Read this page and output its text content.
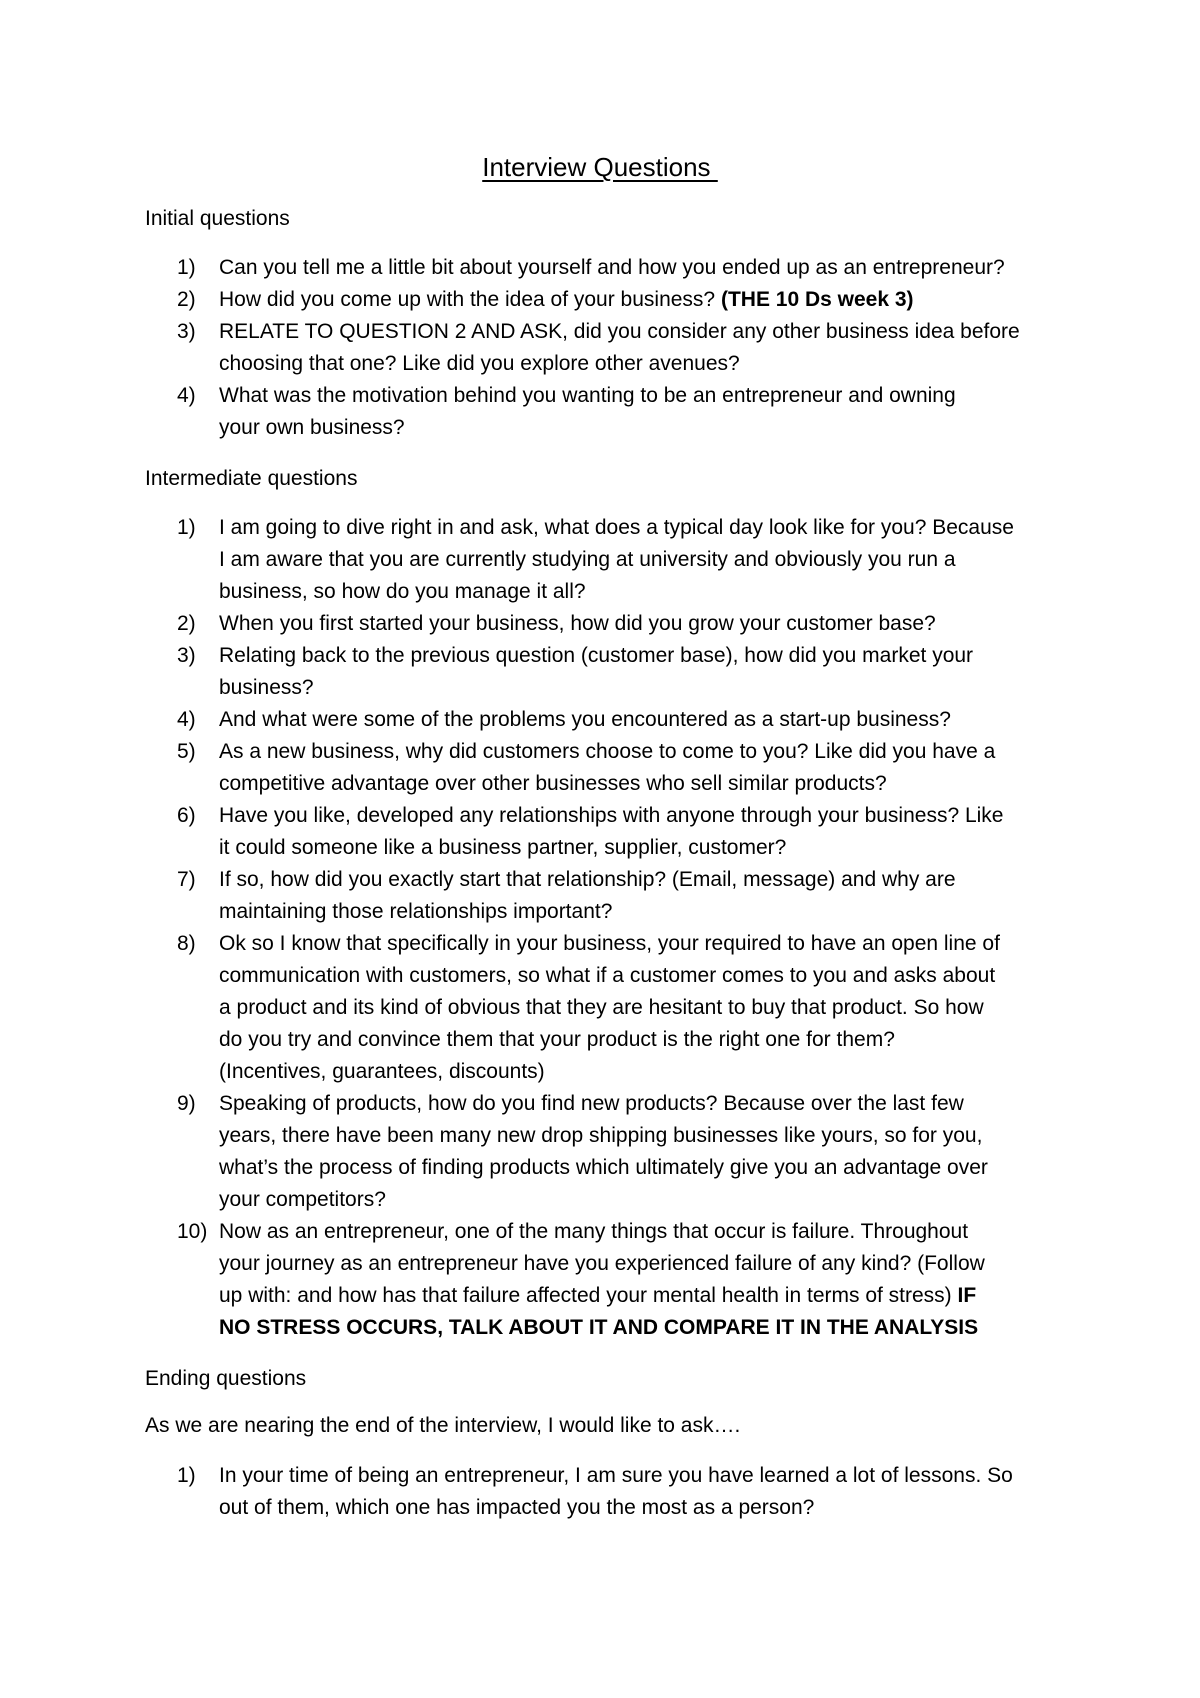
Interview Questions
Initial questions
1)	Can you tell me a little bit about yourself and how you ended up as an entrepreneur?
2)	How did you come up with the idea of your business? (THE 10 Ds week 3)
3)	RELATE TO QUESTION 2 AND ASK, did you consider any other business idea before
choosing that one? Like did you explore other avenues?
4)	What was the motivation behind you wanting to be an entrepreneur and owning
your own business?
Intermediate questions
1)	I am going to dive right in and ask, what does a typical day look like for you? Because
I am aware that you are currently studying at university and obviously you run a
business, so how do you manage it all?
2)	When you first started your business, how did you grow your customer base?
3)	Relating back to the previous question (customer base), how did you market your
business?
4)	And what were some of the problems you encountered as a start-up business?
5)	As a new business, why did customers choose to come to you? Like did you have a
competitive advantage over other businesses who sell similar products?
6)	Have you like, developed any relationships with anyone through your business? Like
it could someone like a business partner, supplier, customer?
7)	If so, how did you exactly start that relationship? (Email, message) and why are
maintaining those relationships important?
8)	Ok so I know that specifically in your business, your required to have an open line of
communication with customers, so what if a customer comes to you and asks about
a product and its kind of obvious that they are hesitant to buy that product. So how
do you try and convince them that your product is the right one for them?
(Incentives, guarantees, discounts)
9)	Speaking of products, how do you find new products? Because over the last few
years, there have been many new drop shipping businesses like yours, so for you,
what’s the process of finding products which ultimately give you an advantage over
your competitors?
10) Now as an entrepreneur, one of the many things that occur is failure. Throughout
your journey as an entrepreneur have you experienced failure of any kind? (Follow
up with: and how has that failure affected your mental health in terms of stress) IF
NO STRESS OCCURS, TALK ABOUT IT AND COMPARE IT IN THE ANALYSIS
Ending questions
As we are nearing the end of the interview, I would like to ask….
1)	In your time of being an entrepreneur, I am sure you have learned a lot of lessons. So
out of them, which one has impacted you the most as a person?
